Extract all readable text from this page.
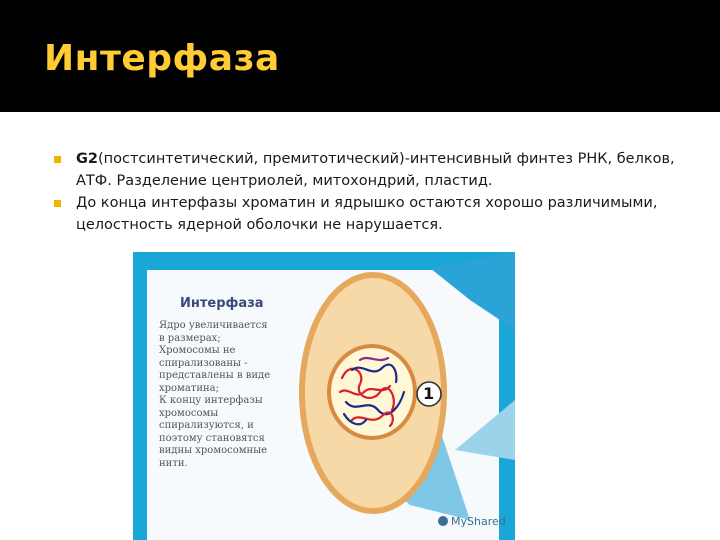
Интерфаза
G2(постсинтетический, премитотический)-интенсивный финтез РНК, белков, АТФ. Разделение центриолей, митохондрий, пластид.
До конца интерфазы хроматин и ядрышко остаются хорошо различимыми, целостность ядерной оболочки не нарушается.
1
Интерфаза
Ядро увеличивается
в размерах;
Хромосомы не
спирализованы -
представлены в виде
хроматина;
К концу интерфазы
хромосомы
спирализуются, и
поэтому становятся
видны хромосомные
нити.
MyShared
